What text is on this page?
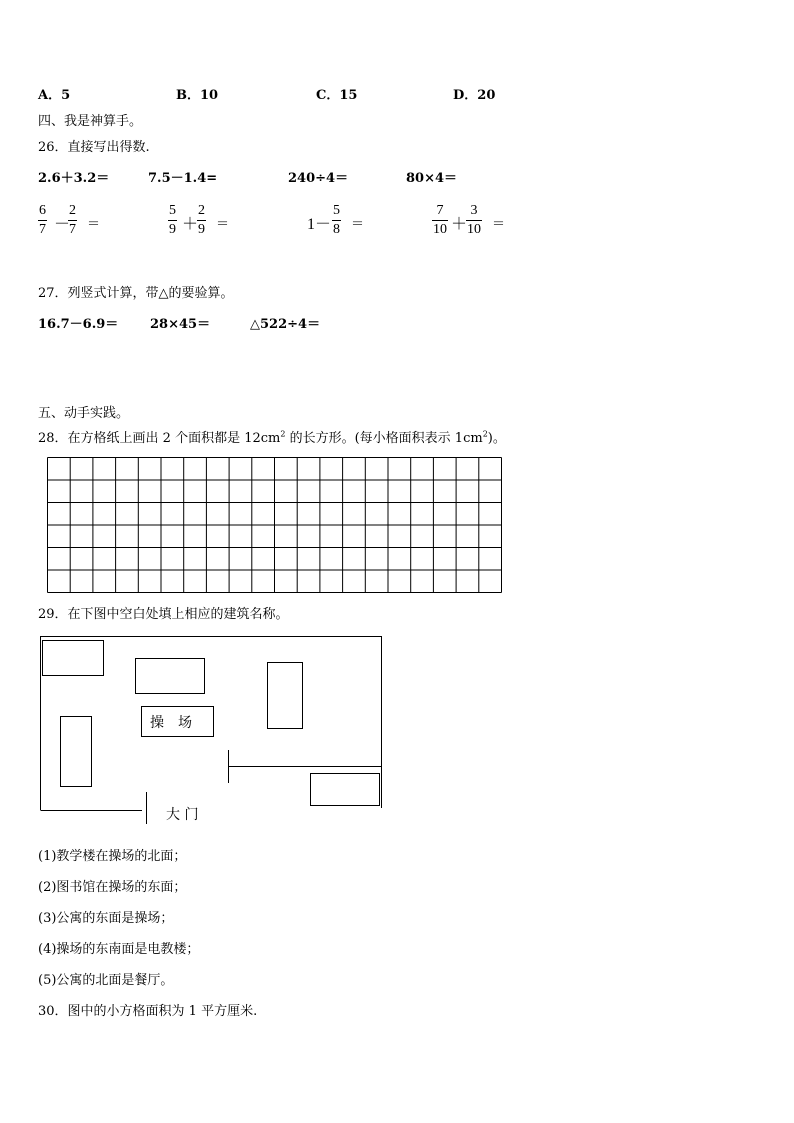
A．5	B．10	C．15	D．20
四、我是神算手。
26．直接写出得数.
2.6＋3.2＝	7.5－1.4=	240÷4＝	80×4＝
6
7 －
2
7 ＝
5
9 ＋
2
9 ＝	1－
5
8 ＝
7
10 ＋
3
10 ＝
27．列竖式计算，带△的要验算。
16.7－6.9＝ 28×45＝	△522÷4＝
五、动手实践。
28．在方格纸上画出 2 个面积都是 $12cm^2$ 的长方形。(每小格面积表示 $1cm^2$)。
29．在下图中空白处填上相应的建筑名称。
操　场
大 门
(1)教学楼在操场的北面；
(2)图书馆在操场的东面；
(3)公寓的东面是操场；
(4)操场的东南面是电教楼；
(5)公寓的北面是餐厅。
30．图中的小方格面积为 1 平方厘米.
